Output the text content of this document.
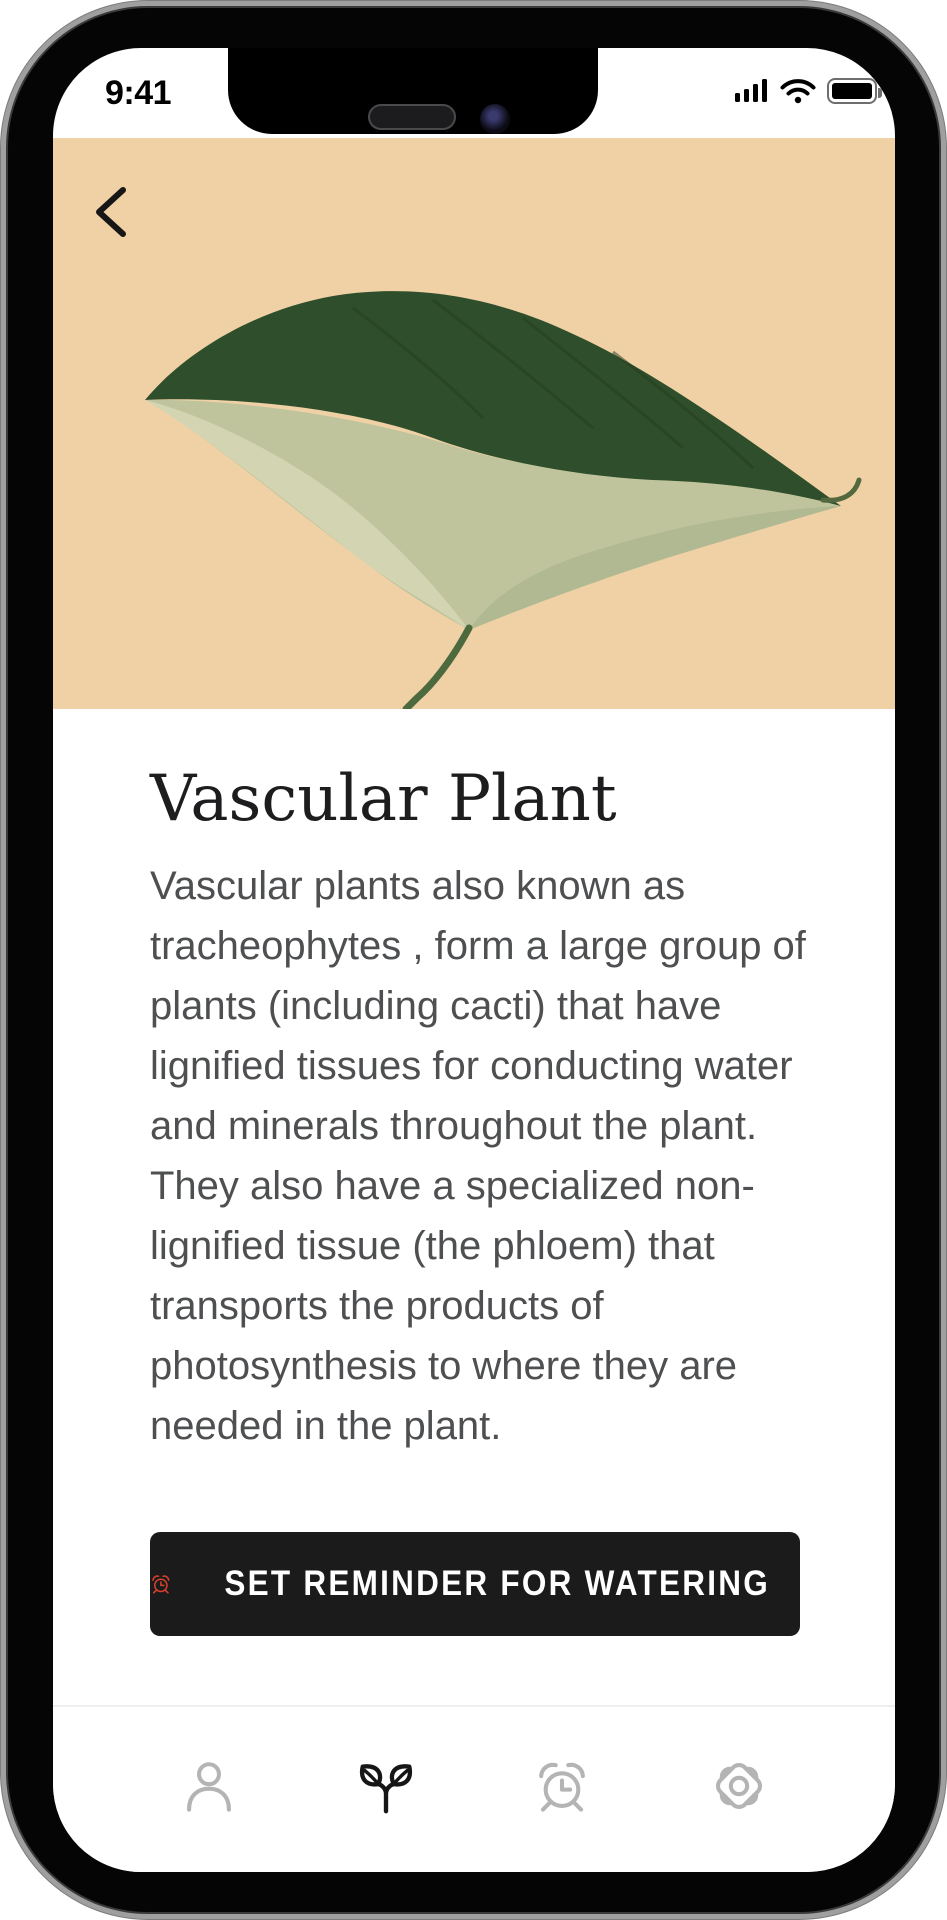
9:41
Vascular Plant

Vascular plants also known as tracheophytes , form a large group of plants (including cacti) that have lignified tissues for conducting water and minerals throughout the plant. They also have a specialized non-lignified tissue (the phloem) that transports the products of photosynthesis to where they are needed in the plant.

SET REMINDER FOR WATERING
